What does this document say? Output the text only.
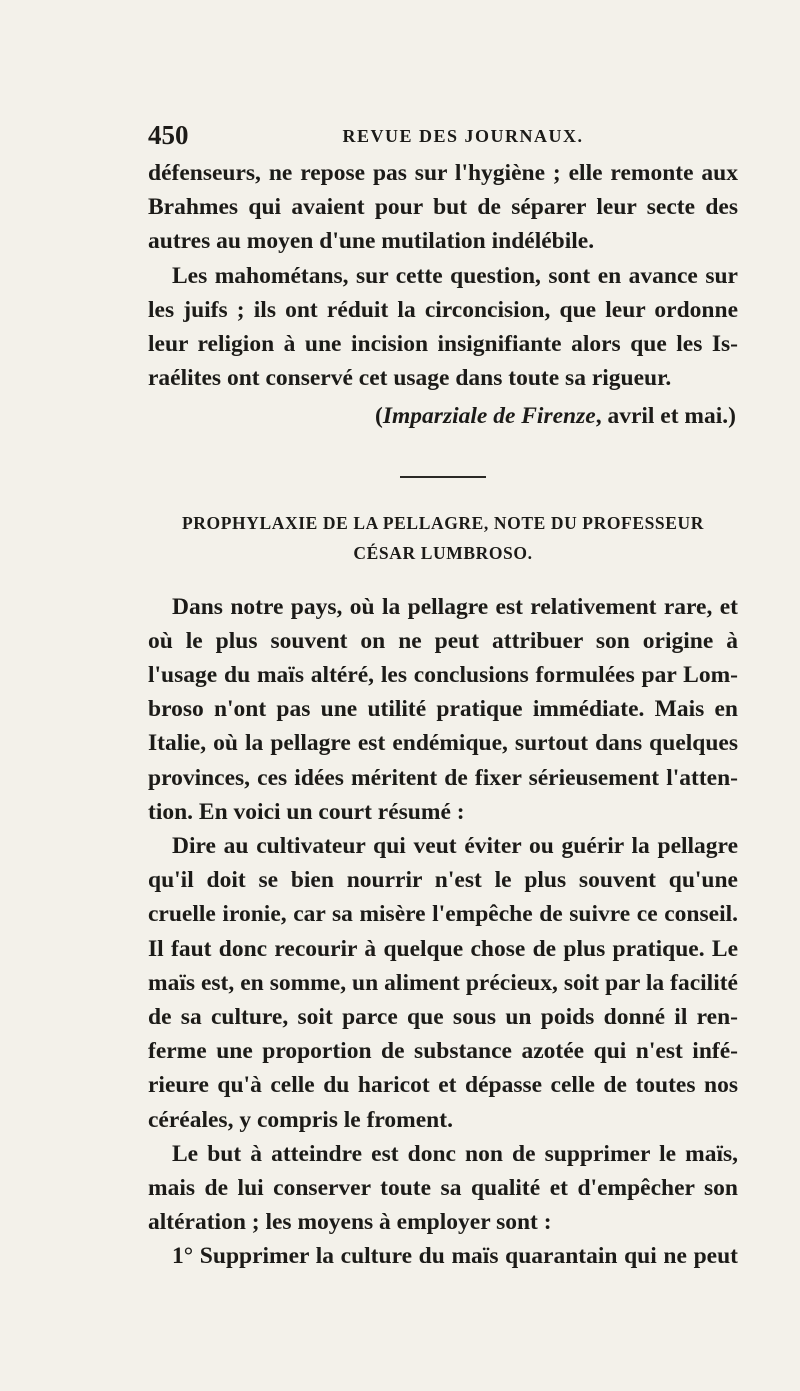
450	REVUE DES JOURNAUX.
défenseurs, ne repose pas sur l'hygiène ; elle remonte aux
Brahmes qui avaient pour but de séparer leur secte des
autres au moyen d'une mutilation indélébile.
Les mahométans, sur cette question, sont en avance sur
les juifs ; ils ont réduit la circoncision, que leur ordonne
leur religion à une incision insignifiante alors que les Is-
raélites ont conservé cet usage dans toute sa rigueur.
(Imparziale de Firenze, avril et mai.)
PROPHYLAXIE DE LA PELLAGRE, NOTE DU PROFESSEUR
CÉSAR LUMBROSO.
Dans notre pays, où la pellagre est relativement rare, et
où le plus souvent on ne peut attribuer son origine à
l'usage du maïs altéré, les conclusions formulées par Lom-
broso n'ont pas une utilité pratique immédiate. Mais en
Italie, où la pellagre est endémique, surtout dans quelques
provinces, ces idées méritent de fixer sérieusement l'atten-
tion. En voici un court résumé :
Dire au cultivateur qui veut éviter ou guérir la pellagre
qu'il doit se bien nourrir n'est le plus souvent qu'une
cruelle ironie, car sa misère l'empêche de suivre ce conseil.
Il faut donc recourir à quelque chose de plus pratique. Le
maïs est, en somme, un aliment précieux, soit par la facilité
de sa culture, soit parce que sous un poids donné il ren-
ferme une proportion de substance azotée qui n'est infé-
rieure qu'à celle du haricot et dépasse celle de toutes nos
céréales, y compris le froment.
Le but à atteindre est donc non de supprimer le maïs,
mais de lui conserver toute sa qualité et d'empêcher son
altération ; les moyens à employer sont :
1° Supprimer la culture du maïs quarantain qui ne peut
